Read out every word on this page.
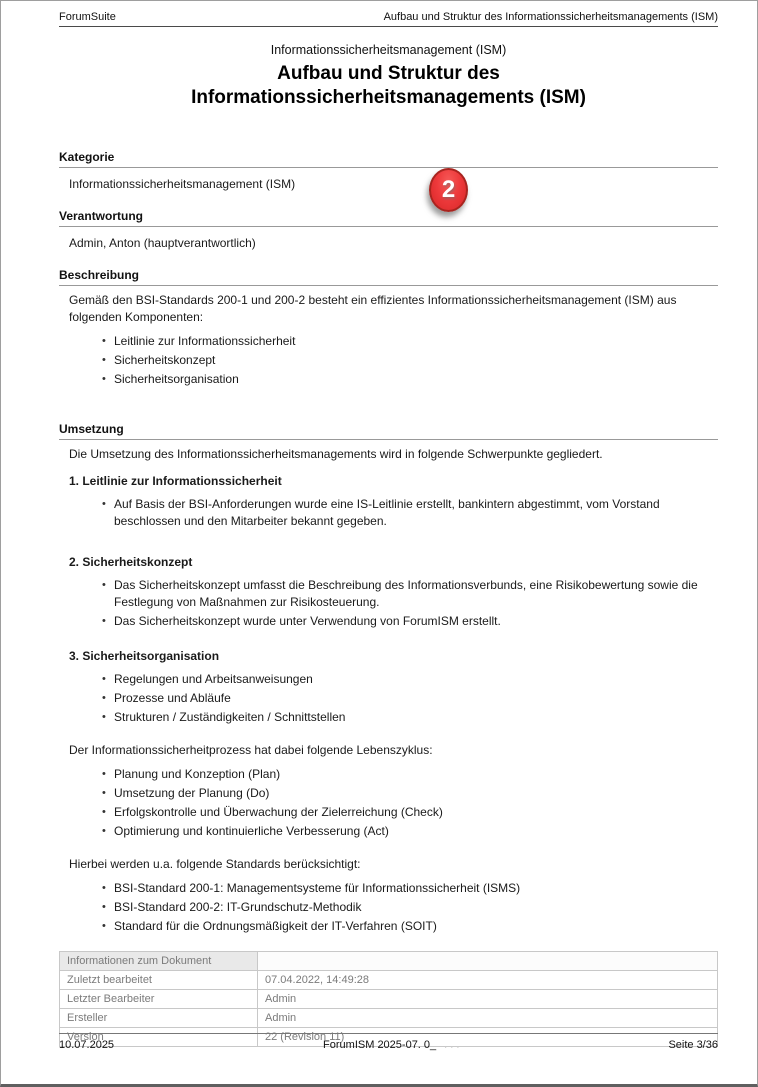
ForumSuite	Aufbau und Struktur des Informationssicherheitsmanagements (ISM)
Informationssicherheitsmanagement (ISM)
Aufbau und Struktur des
Informationssicherheitsmanagements (ISM)
Kategorie
Informationssicherheitsmanagement (ISM)
Verantwortung
Admin, Anton (hauptverantwortlich)
Beschreibung
Gemäß den BSI-Standards 200-1 und 200-2 besteht ein effizientes Informationssicherheitsmanagement (ISM) aus folgenden Komponenten:
• Leitlinie zur Informationssicherheit
• Sicherheitskonzept
• Sicherheitsorganisation
Umsetzung
Die Umsetzung des Informationssicherheitsmanagements wird in folgende Schwerpunkte gegliedert.
1. Leitlinie zur Informationssicherheit
• Auf Basis der BSI-Anforderungen wurde eine IS-Leitlinie erstellt, bankintern abgestimmt, vom Vorstand beschlossen und den Mitarbeiter bekannt gegeben.
2. Sicherheitskonzept
• Das Sicherheitskonzept umfasst die Beschreibung des Informationsverbunds, eine Risikobewertung sowie die Festlegung von Maßnahmen zur Risikosteuerung.
• Das Sicherheitskonzept wurde unter Verwendung von ForumISM erstellt.
3. Sicherheitsorganisation
• Regelungen und Arbeitsanweisungen
• Prozesse und Abläufe
• Strukturen / Zuständigkeiten / Schnittstellen
Der Informationssicherheitprozess hat dabei folgende Lebenszyklus:
• Planung und Konzeption (Plan)
• Umsetzung der Planung (Do)
• Erfolgskontrolle und Überwachung der Zielerreichung (Check)
• Optimierung und kontinuierliche Verbesserung (Act)
Hierbei werden u.a. folgende Standards berücksichtigt:
• BSI-Standard 200-1: Managementsysteme für Informationssicherheit (ISMS)
• BSI-Standard 200-2: IT-Grundschutz-Methodik
• Standard für die Ordnungsmäßigkeit der IT-Verfahren (SOIT)
Informationen zum Dokument	
Zuletzt bearbeitet	07.04.2022, 14:49:28
Letzter Bearbeiter	Admin
Ersteller	Admin
Version	22 (Revision 11)
2
10.07.2025	ForumISM 2025-07. 0_ . . .	Seite 3/36
